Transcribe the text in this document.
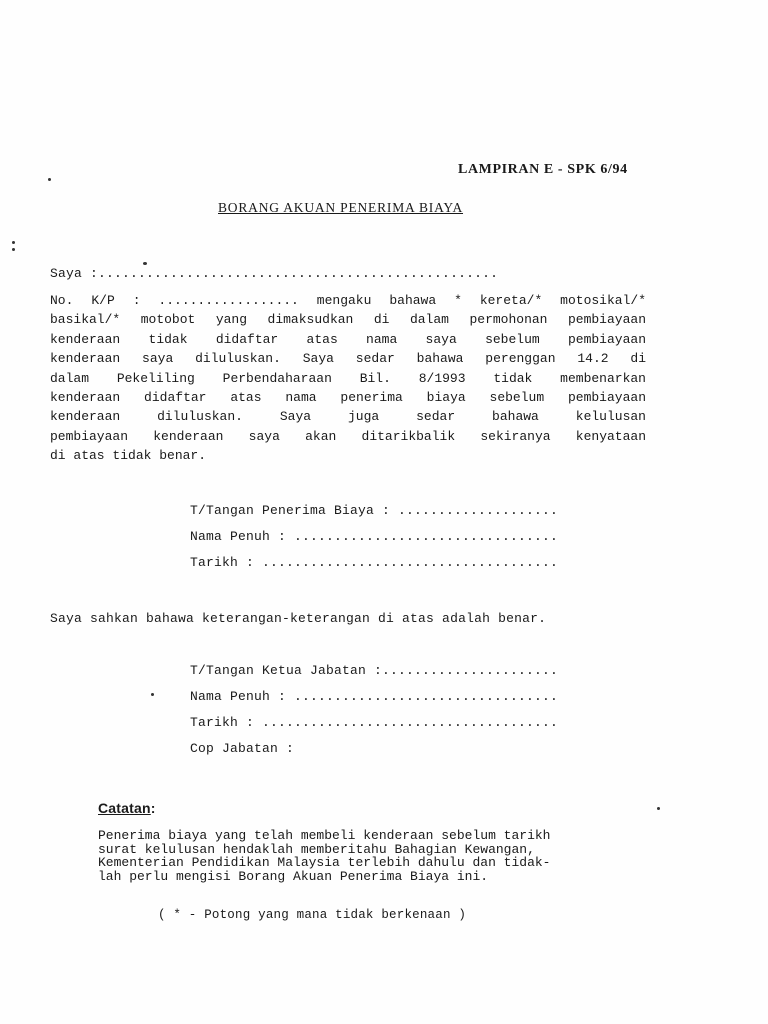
LAMPIRAN E - SPK 6/94
BORANG AKUAN PENERIMA BIAYA
Saya :..................................................
No. K/P : .................. mengaku bahawa * kereta/* motosikal/*
basikal/* motobot yang dimaksudkan di dalam permohonan pembiayaan
kenderaan tidak didaftar atas nama saya sebelum pembiayaan
kenderaan saya diluluskan. Saya sedar bahawa perenggan 14.2 di
dalam Pekeliling Perbendaharaan Bil. 8/1993 tidak membenarkan
kenderaan didaftar atas nama penerima biaya sebelum pembiayaan
kenderaan diluluskan. Saya juga sedar bahawa kelulusan
pembiayaan kenderaan saya akan ditarikbalik sekiranya kenyataan
di atas tidak benar.
T/Tangan Penerima Biaya : ....................
Nama Penuh : .................................
Tarikh : .....................................
Saya sahkan bahawa keterangan-keterangan di atas adalah benar.
T/Tangan Ketua Jabatan :......................
Nama Penuh : .................................
Tarikh : .....................................
Cop Jabatan :
Catatan:
Penerima biaya yang telah membeli kenderaan sebelum tarikh
surat kelulusan hendaklah memberitahu Bahagian Kewangan,
Kementerian Pendidikan Malaysia terlebih dahulu dan tidak-
lah perlu mengisi Borang Akuan Penerima Biaya ini.
( * - Potong yang mana tidak berkenaan )
